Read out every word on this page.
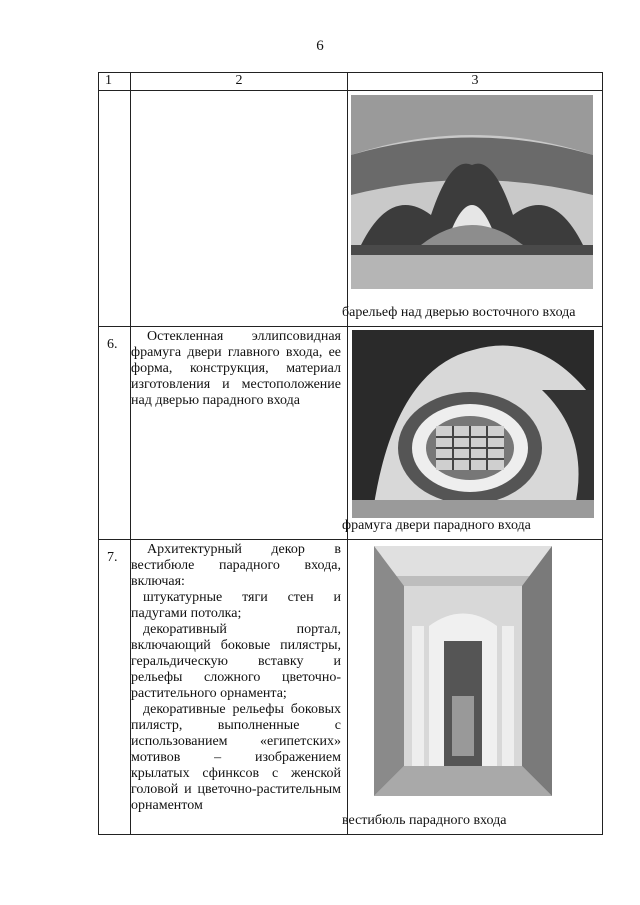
6
1	2	3

		барельеф над дверью восточного входа

6.	Остекленная эллипсовидная фрамуга двери главного входа, ее форма, конструкция, материал изготовления и местоположение над дверью парадного входа	фрамуга двери парадного входа

7.	Архитектурный декор в вестибюле парадного входа, включая:

штукатурные тяги стен и падугами потолка;

декоративный портал, включающий боковые пилястры, геральдическую вставку и рельефы сложного цветочно-растительного орнамента;

декоративные рельефы боковых пилястр, выполненные с использованием «египетских» мотивов – изображением крылатых сфинксов с женской головой и цветочно-растительным орнаментом	вестибюль парадного входа
